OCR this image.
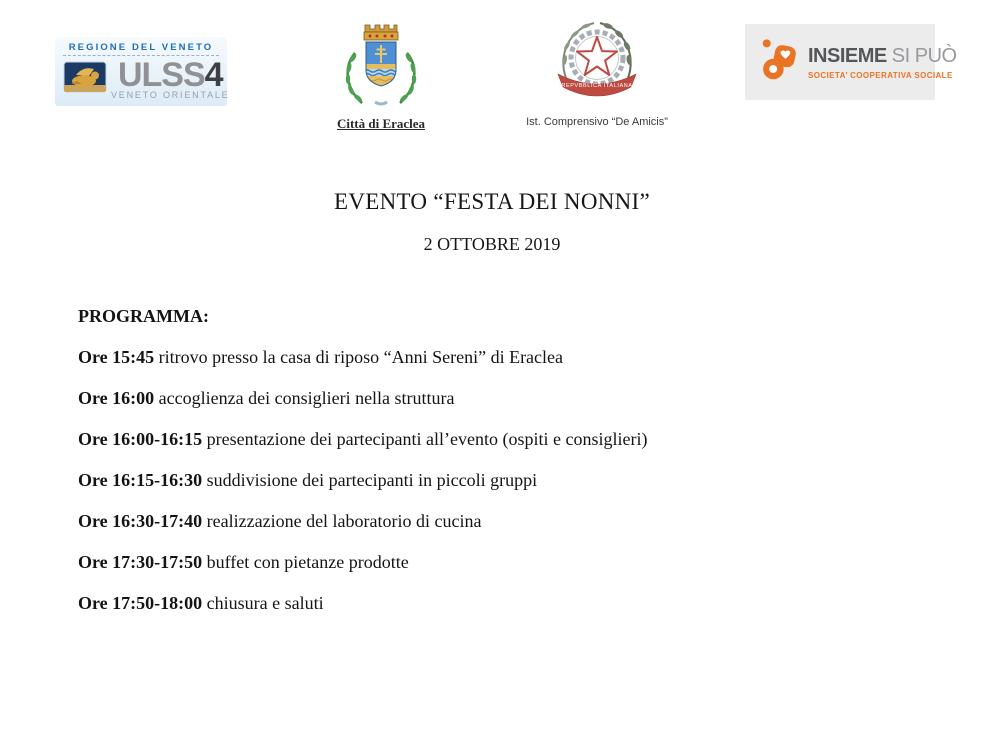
REGIONE DEL VENETO
ULSS4
VENETO ORIENTALE
Città di Eraclea
REPVBBLICA ITALIANA
Ist. Comprensivo “De Amicis”
INSIEME SI PUÒ
SOCIETA’ COOPERATIVA SOCIALE
EVENTO “FESTA DEI NONNI”
2 OTTOBRE 2019
PROGRAMMA:
Ore 15:45 ritrovo presso la casa di riposo “Anni Sereni” di Eraclea
Ore 16:00 accoglienza dei consiglieri nella struttura
Ore 16:00-16:15 presentazione dei partecipanti all’evento (ospiti e consiglieri)
Ore 16:15-16:30 suddivisione dei partecipanti in piccoli gruppi
Ore 16:30-17:40 realizzazione del laboratorio di cucina
Ore 17:30-17:50 buffet con pietanze prodotte
Ore 17:50-18:00 chiusura e saluti
